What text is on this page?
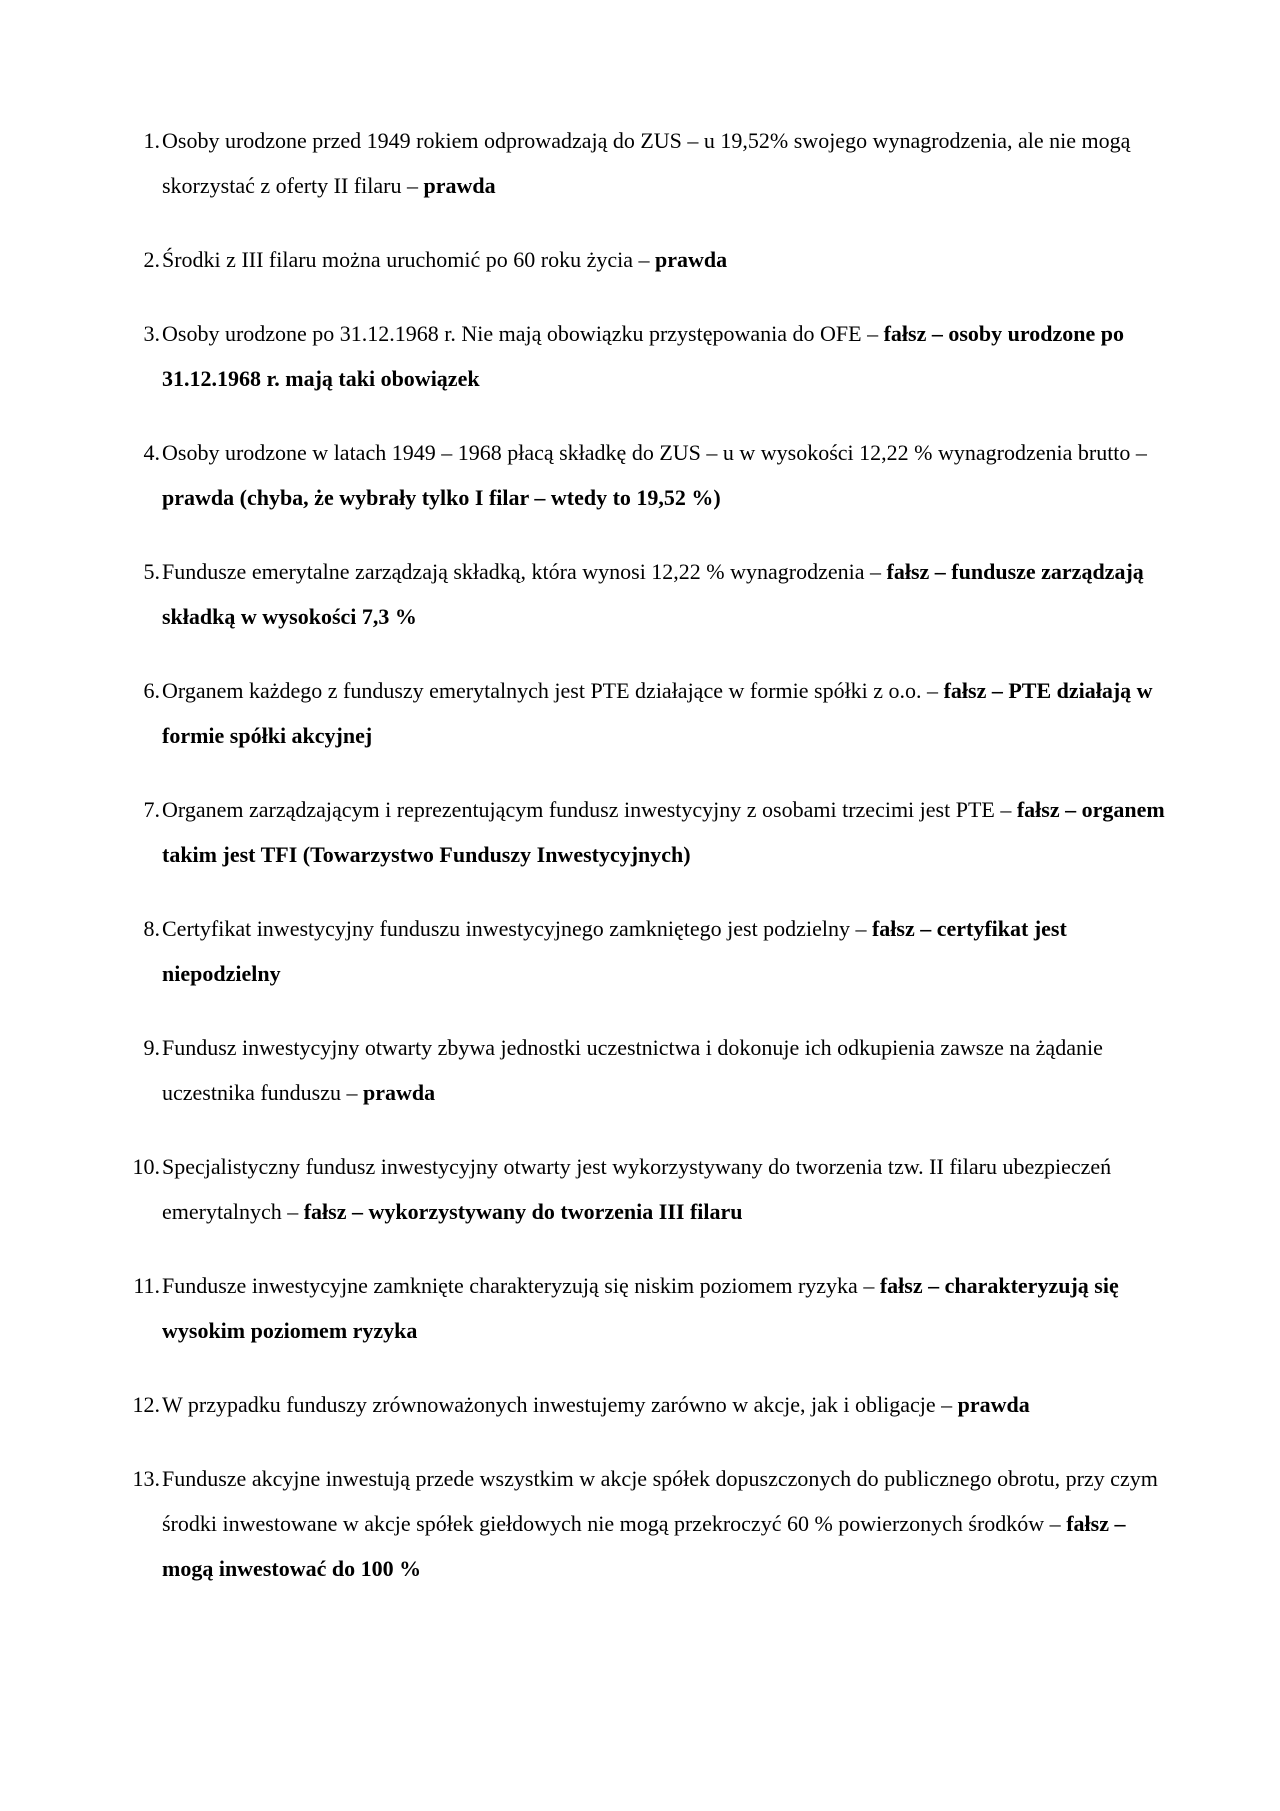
1. Osoby urodzone przed 1949 rokiem odprowadzają do ZUS – u 19,52% swojego wynagrodzenia, ale nie mogą skorzystać z oferty II filaru – prawda
2. Środki z III filaru można uruchomić po 60 roku życia – prawda
3. Osoby urodzone po 31.12.1968 r. Nie mają obowiązku przystępowania do OFE – fałsz – osoby urodzone po 31.12.1968 r. mają taki obowiązek
4. Osoby urodzone w latach 1949 – 1968 płacą składkę do ZUS – u w wysokości 12,22 % wynagrodzenia brutto – prawda (chyba, że wybrały tylko I filar – wtedy to 19,52 %)
5. Fundusze emerytalne zarządzają składką, która wynosi 12,22 % wynagrodzenia – fałsz – fundusze zarządzają składką w wysokości 7,3 %
6. Organem każdego z funduszy emerytalnych jest PTE działające w formie spółki z o.o. – fałsz – PTE działają w formie spółki akcyjnej
7. Organem zarządzającym i reprezentującym fundusz inwestycyjny z osobami trzecimi jest PTE – fałsz – organem takim jest TFI (Towarzystwo Funduszy Inwestycyjnych)
8. Certyfikat inwestycyjny funduszu inwestycyjnego zamkniętego jest podzielny – fałsz – certyfikat jest niepodzielny
9. Fundusz inwestycyjny otwarty zbywa jednostki uczestnictwa i dokonuje ich odkupienia zawsze na żądanie uczestnika funduszu – prawda
10. Specjalistyczny fundusz inwestycyjny otwarty jest wykorzystywany do tworzenia tzw. II filaru ubezpieczeń emerytalnych – fałsz – wykorzystywany do tworzenia III filaru
11. Fundusze inwestycyjne zamknięte charakteryzują się niskim poziomem ryzyka – fałsz – charakteryzują się wysokim poziomem ryzyka
12. W przypadku funduszy zrównoważonych inwestujemy zarówno w akcje, jak i obligacje – prawda
13. Fundusze akcyjne inwestują przede wszystkim w akcje spółek dopuszczonych do publicznego obrotu, przy czym środki inwestowane w akcje spółek giełdowych nie mogą przekroczyć 60 % powierzonych środków – fałsz – mogą inwestować do 100 %
